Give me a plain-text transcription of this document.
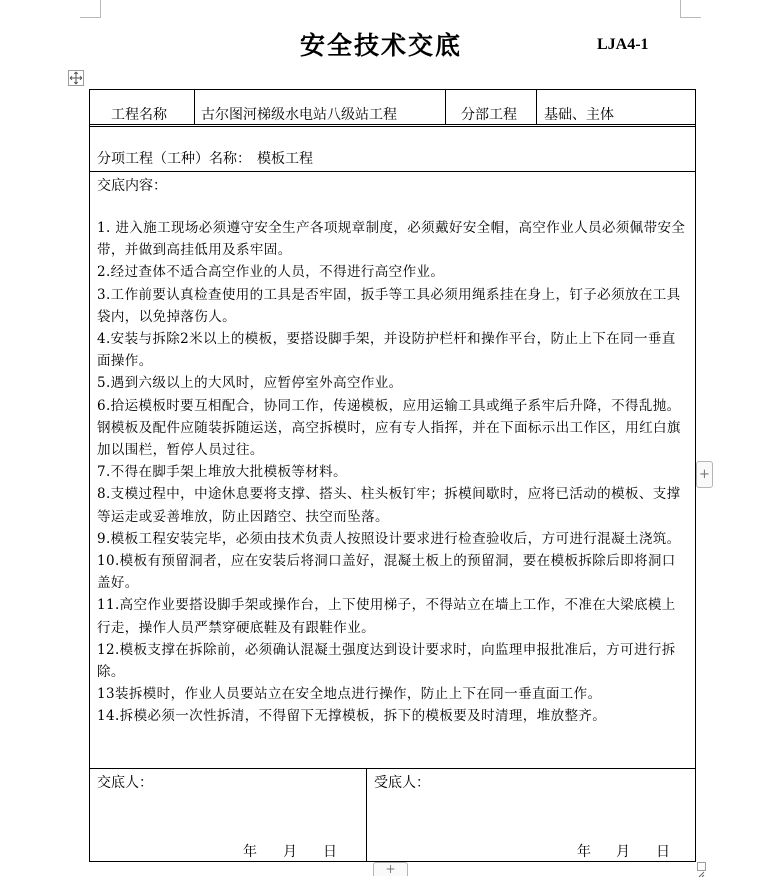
安全技术交底	LJA4-1
工程名称 古尔图河梯级水电站八级站工程	分部工程 基础、主体
分项工程（工种）名称： 模板工程
交底内容：

1. 进入施工现场必须遵守安全生产各项规章制度，必须戴好安全帽，高空作业人员必须佩带安全带，并做到高挂低用及系牢固。

2.经过查体不适合高空作业的人员，不得进行高空作业。

3.工作前要认真检查使用的工具是否牢固，扳手等工具必须用绳系挂在身上，钉子必须放在工具袋内，以免掉落伤人。

4.安装与拆除2米以上的模板，要搭设脚手架，并设防护栏杆和操作平台，防止上下在同一垂直面操作。

5.遇到六级以上的大风时，应暂停室外高空作业。

6.拾运模板时要互相配合，协同工作，传递模板，应用运输工具或绳子系牢后升降，不得乱抛。钢模板及配件应随装拆随运送，高空拆模时，应有专人指挥，并在下面标示出工作区，用红白旗加以围栏，暂停人员过往。

7.不得在脚手架上堆放大批模板等材料。

8.支模过程中，中途休息要将支撑、搭头、柱头板钉牢；拆模间歇时，应将已活动的模板、支撑等运走或妥善堆放，防止因踏空、扶空而坠落。

9.模板工程安装完毕，必须由技术负责人按照设计要求进行检查验收后，方可进行混凝土浇筑。

10.模板有预留洞者，应在安装后将洞口盖好，混凝土板上的预留洞，要在模板拆除后即将洞口盖好。

11.高空作业要搭设脚手架或操作台，上下使用梯子，不得站立在墙上工作，不准在大梁底模上行走，操作人员严禁穿硬底鞋及有跟鞋作业。

12.模板支撑在拆除前，必须确认混凝土强度达到设计要求时，向监理申报批准后，方可进行拆除。

13装拆模时，作业人员要站立在安全地点进行操作，防止上下在同一垂直面工作。

14.拆模必须一次性拆清，不得留下无撑模板，拆下的模板要及时清理，堆放整齐。

交底人：	受底人：
年 月 日	年 月 日
+
+
